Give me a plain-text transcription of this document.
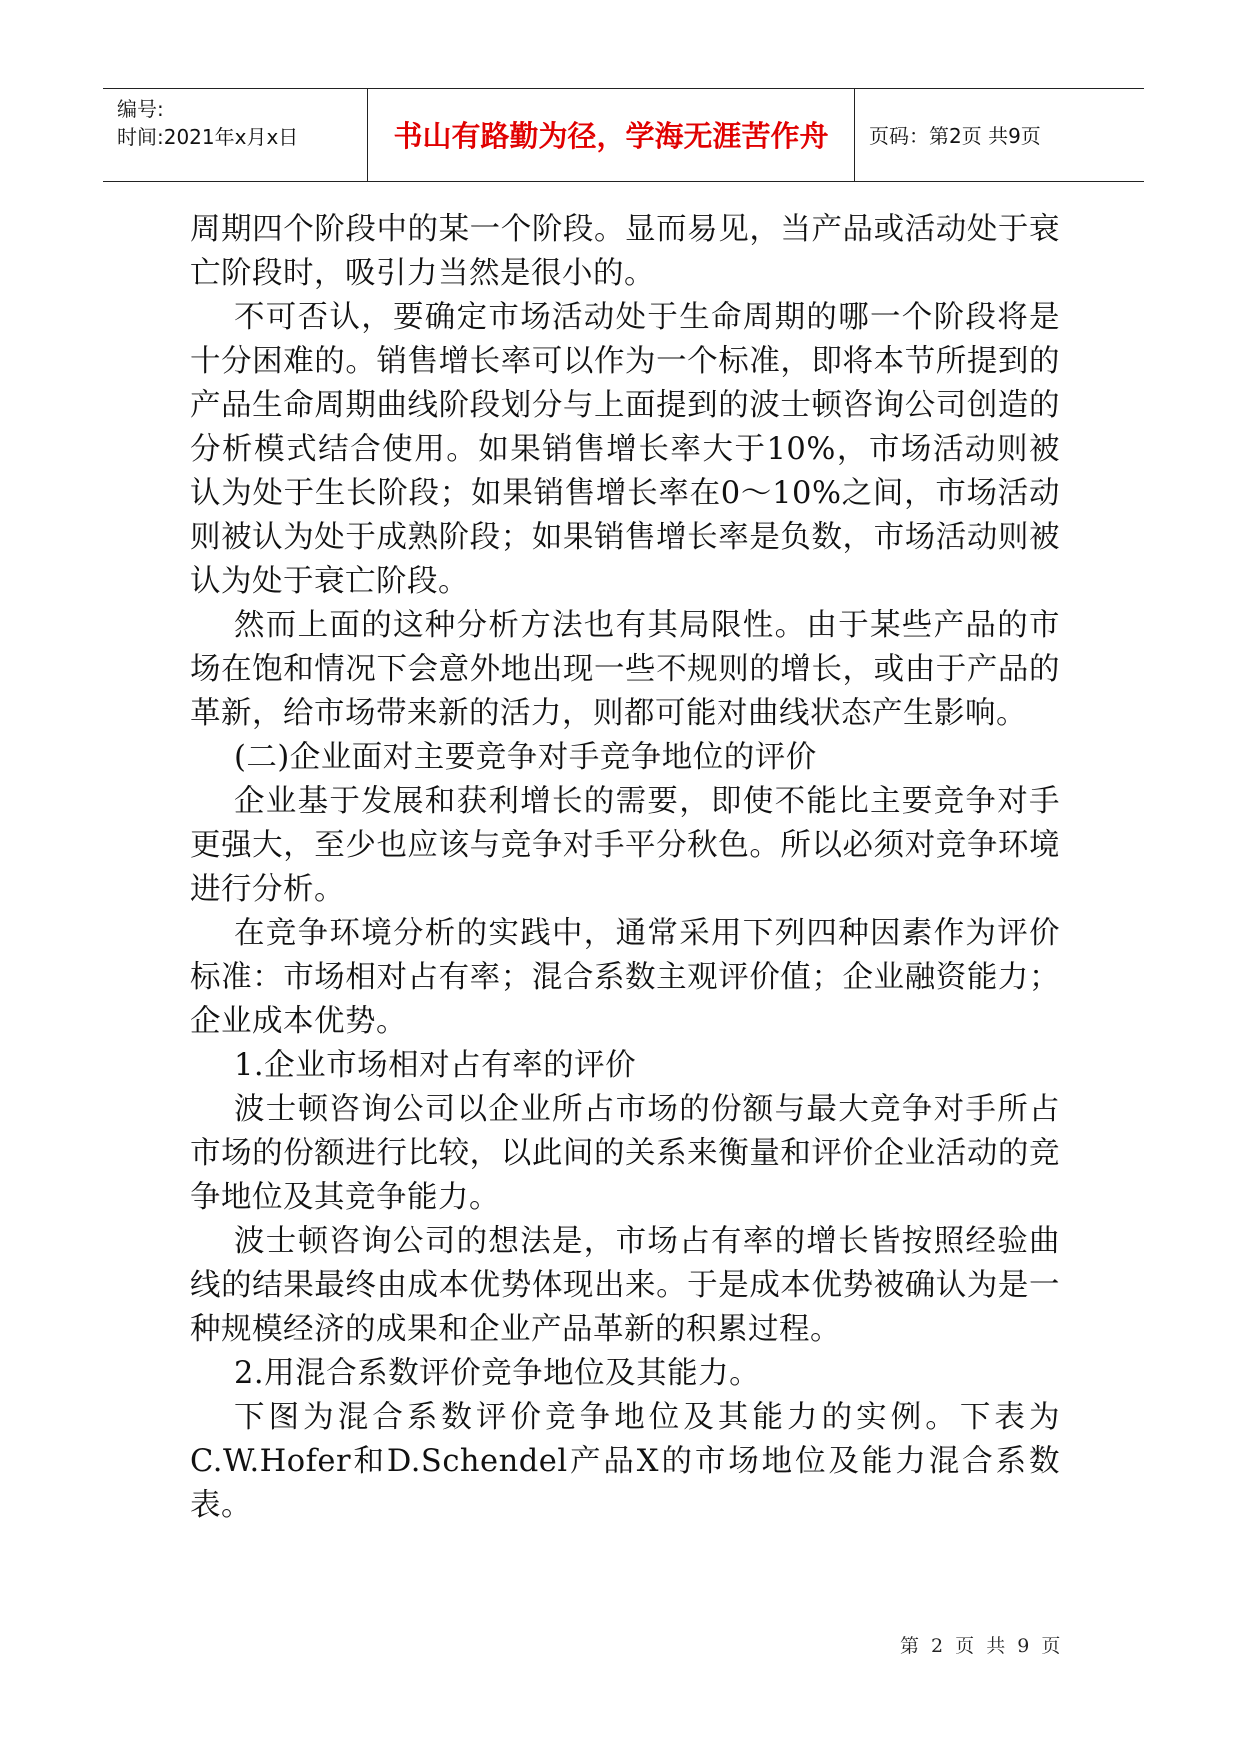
编号:
时间:2021年x月x日	书山有路勤为径，学海无涯苦作舟	页码：第2页 共9页

周期四个阶段中的某一个阶段。显而易见，当产品或活动处于衰亡阶段时，吸引力当然是很小的。

不可否认，要确定市场活动处于生命周期的哪一个阶段将是十分困难的。销售增长率可以作为一个标准，即将本节所提到的产品生命周期曲线阶段划分与上面提到的波士顿咨询公司创造的分析模式结合使用。如果销售增长率大于10%，市场活动则被认为处于生长阶段；如果销售增长率在0～10%之间，市场活动则被认为处于成熟阶段；如果销售增长率是负数，市场活动则被认为处于衰亡阶段。

然而上面的这种分析方法也有其局限性。由于某些产品的市场在饱和情况下会意外地出现一些不规则的增长，或由于产品的革新，给市场带来新的活力，则都可能对曲线状态产生影响。

(二)企业面对主要竞争对手竞争地位的评价

企业基于发展和获利增长的需要，即使不能比主要竞争对手更强大，至少也应该与竞争对手平分秋色。所以必须对竞争环境进行分析。

在竞争环境分析的实践中，通常采用下列四种因素作为评价标准：市场相对占有率；混合系数主观评价值；企业融资能力；企业成本优势。

1.企业市场相对占有率的评价

波士顿咨询公司以企业所占市场的份额与最大竞争对手所占市场的份额进行比较，以此间的关系来衡量和评价企业活动的竞争地位及其竞争能力。

波士顿咨询公司的想法是，市场占有率的增长皆按照经验曲线的结果最终由成本优势体现出来。于是成本优势被确认为是一种规模经济的成果和企业产品革新的积累过程。

2.用混合系数评价竞争地位及其能力。

下图为混合系数评价竞争地位及其能力的实例。下表为C.W.Hofer和D.Schendel产品X的市场地位及能力混合系数表。

第 2 页 共 9 页
